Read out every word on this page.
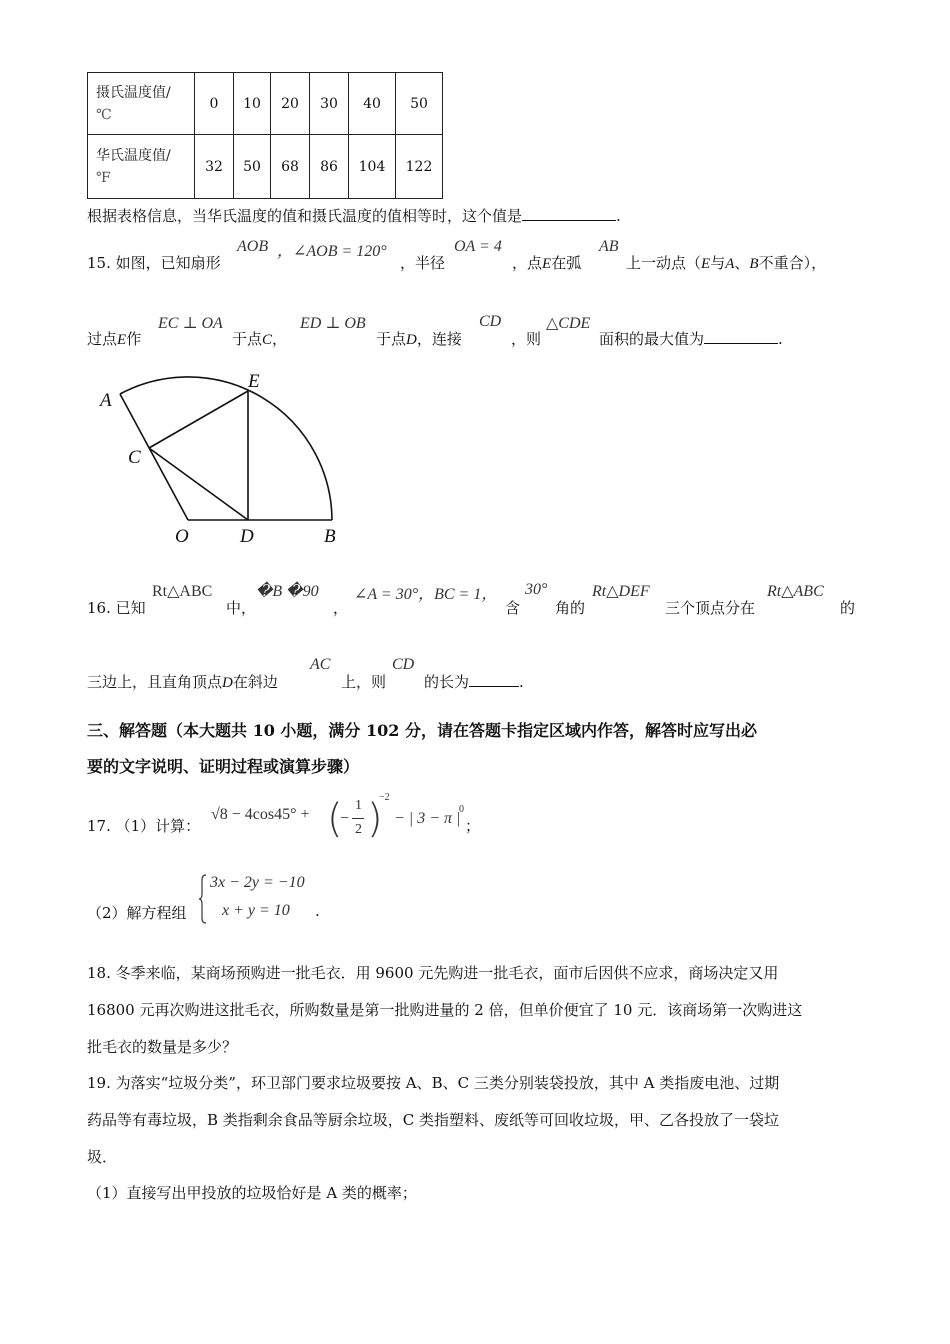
摄氏温度值/
℃	0	10	20	30	40	50
华氏温度值/
℉	32	50	68	86	104	122
根据表格信息，当华氏温度的值和摄氏温度的值相等时，这个值是	.
15. 如图，已知扇形
AOB ，∠AOB = 120°
，半径
OA = 4
，点E在弧
AB
上一动点（E与A、B不重合），
过点E作
EC ⊥ OA
于点C，
ED ⊥ OB
于点D，连接
CD
，则
△CDE
面积的最大值为	.
A
E
C
O	D	B
16. 已知
Rt△ABC
中，
�B �90
，
∠A = 30°，BC = 1，
含
30°
角的
Rt△DEF
三个顶点分在
Rt△ABC
的
三边上，且直角顶点D在斜边
AC
上，则
CD
的长为	.
三、解答题（本大题共 10 小题，满分 102 分，请在答题卡指定区域内作答，解答时应写出必
要的文字说明、证明过程或演算步骤）
17. （1）计算：
√8 − 4cos45° + (
−
1
2 )
−2
− | 3 − π |
0
；
（2）解方程组
3x − 2y = −10
x + y = 10 .
18. 冬季来临，某商场预购进一批毛衣．用 9600 元先购进一批毛衣，面市后因供不应求，商场决定又用
16800 元再次购进这批毛衣，所购数量是第一批购进量的 2 倍，但单价便宜了 10 元．该商场第一次购进这
批毛衣的数量是多少？
19. 为落实“垃圾分类”，环卫部门要求垃圾要按 A、B、C 三类分别装袋投放，其中 A 类指废电池、过期
药品等有毒垃圾，B 类指剩余食品等厨余垃圾，C 类指塑料、废纸等可回收垃圾，甲、乙各投放了一袋垃
圾．
（1）直接写出甲投放的垃圾恰好是 A 类的概率；
